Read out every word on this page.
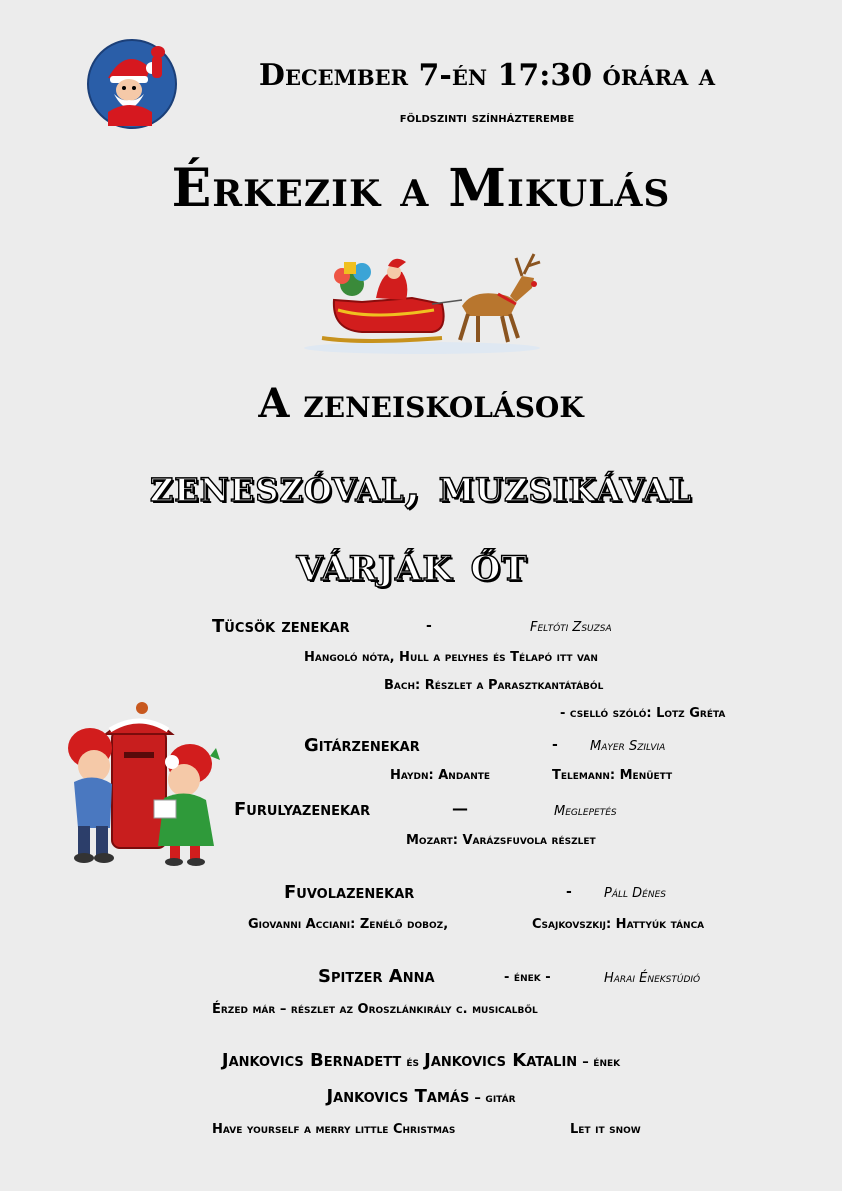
December 7-én 17:30 órára a
földszinti színházterembe
Érkezik a Mikulás
A zeneiskolások
zeneszóval, muzsikával
várják őt
Tücsök zenekar	-	Feltóti Zsuzsa
Hangoló nóta, Hull a pelyhes és Télapó itt van
Bach: Részlet a Parasztkantátából
- cselló szóló: Lotz Gréta
Gitárzenekar	- Mayer Szilvia
Haydn: Andante	Telemann: Menüett
Furulyazenekar	—	Meglepetés
Mozart: Varázsfuvola részlet
Fuvolazenekar	- Páll Dénes
Giovanni Acciani: Zenélő doboz,	Csajkovszkij: Hattyúk tánca
Spitzer Anna	- ének -	Harai Énekstúdió
Érzed már – részlet az Oroszlánkirály c. musicalből
Jankovics Bernadett és Jankovics Katalin – ének
Jankovics Tamás – gitár
Have yourself a merry little Christmas	Let it snow
